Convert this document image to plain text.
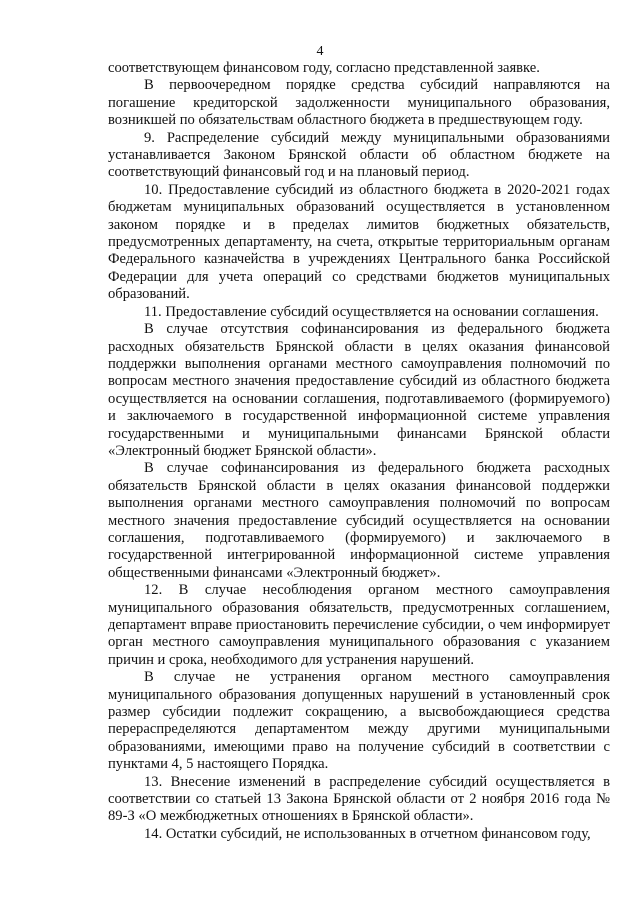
4

соответствующем финансовом году, согласно представленной заявке.

В первоочередном порядке средства субсидий направляются на погашение кредиторской задолженности муниципального образования, возникшей по обязательствам областного бюджета в предшествующем году.

9. Распределение субсидий между муниципальными образованиями устанавливается Законом Брянской области об областном бюджете на соответствующий финансовый год и на плановый период.

10. Предоставление субсидий из областного бюджета в 2020-2021 годах бюджетам муниципальных образований осуществляется в установленном законом порядке и в пределах лимитов бюджетных обязательств, предусмотренных департаменту, на счета, открытые территориальным органам Федерального казначейства в учреждениях Центрального банка Российской Федерации для учета операций со средствами бюджетов муниципальных образований.

11. Предоставление субсидий осуществляется на основании соглашения.

В случае отсутствия софинансирования из федерального бюджета расходных обязательств Брянской области в целях оказания финансовой поддержки выполнения органами местного самоуправления полномочий по вопросам местного значения предоставление субсидий из областного бюджета осуществляется на основании соглашения, подготавливаемого (формируемого) и заключаемого в государственной информационной системе управления государственными и муниципальными финансами Брянской области «Электронный бюджет Брянской области».

В случае софинансирования из федерального бюджета расходных обязательств Брянской области в целях оказания финансовой поддержки выполнения органами местного самоуправления полномочий по вопросам местного значения предоставление субсидий осуществляется на основании соглашения, подготавливаемого (формируемого) и заключаемого в государственной интегрированной информационной системе управления общественными финансами «Электронный бюджет».

12. В случае несоблюдения органом местного самоуправления муниципального образования обязательств, предусмотренных соглашением, департамент вправе приостановить перечисление субсидии, о чем информирует орган местного самоуправления муниципального образования с указанием причин и срока, необходимого для устранения нарушений.

В случае не устранения органом местного самоуправления муниципального образования допущенных нарушений в установленный срок размер субсидии подлежит сокращению, а высвобождающиеся средства перераспределяются департаментом между другими муниципальными образованиями, имеющими право на получение субсидий в соответствии с пунктами 4, 5 настоящего Порядка.

13. Внесение изменений в распределение субсидий осуществляется в соответствии со статьей 13 Закона Брянской области от 2 ноября 2016 года № 89-З «О межбюджетных отношениях в Брянской области».

14. Остатки субсидий, не использованных в отчетном финансовом году,
